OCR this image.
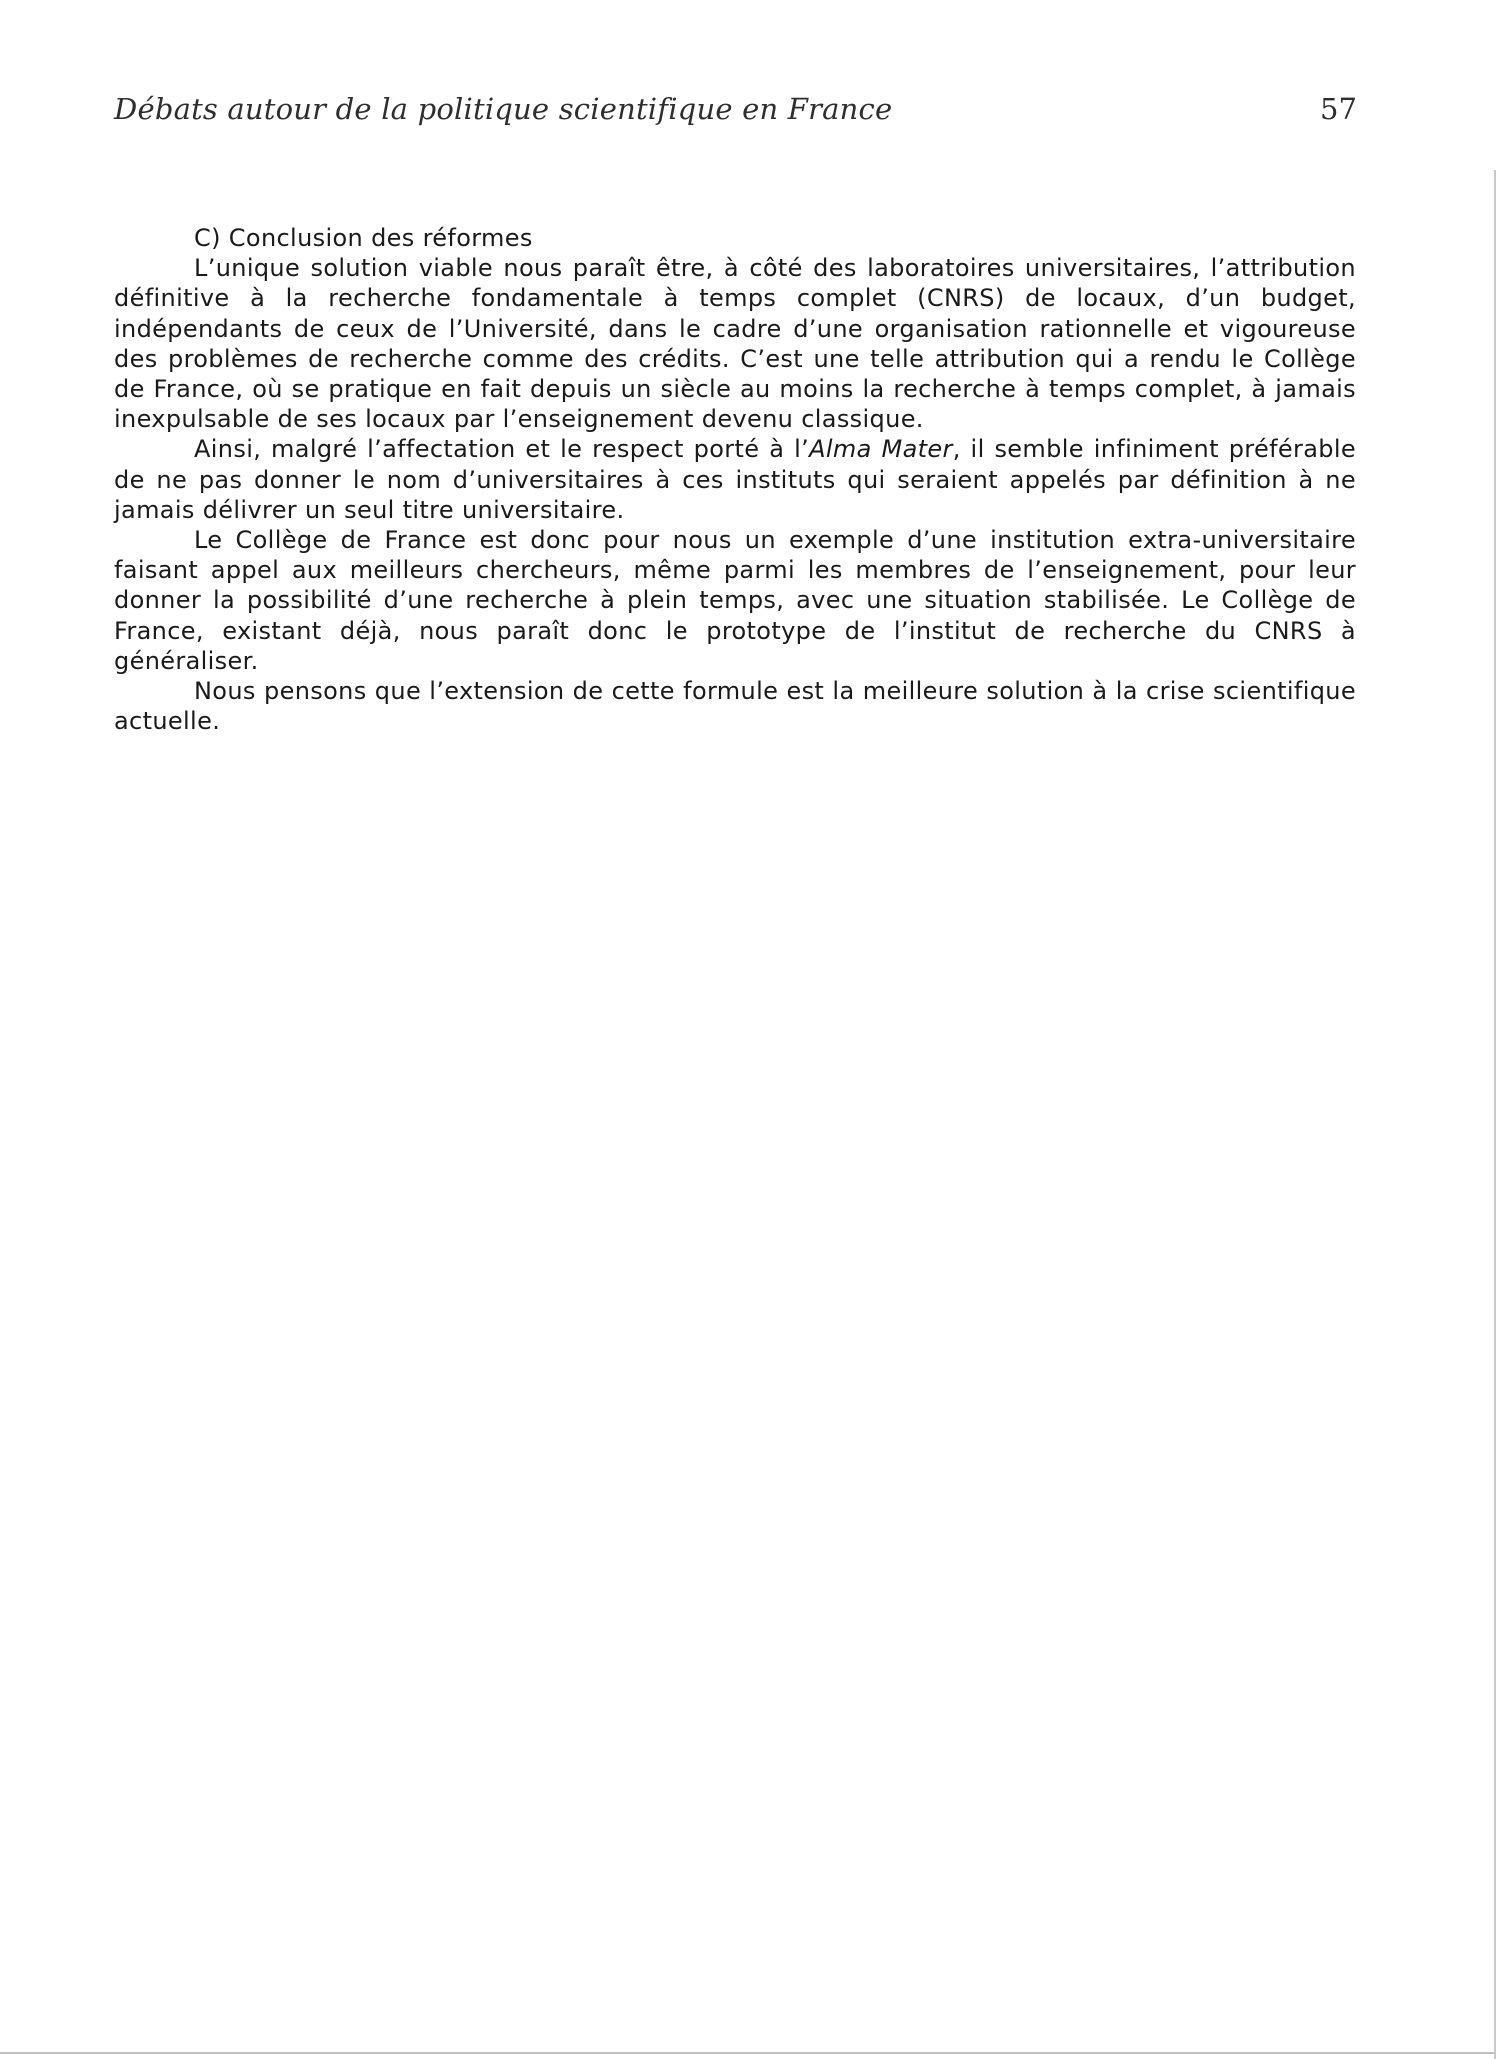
Débats autour de la politique scientifique en France	57

C) Conclusion des réformes

L’unique solution viable nous paraît être, à côté des laboratoires universitaires, l’attribution définitive à la recherche fondamentale à temps complet (CNRS) de locaux, d’un budget, indépendants de ceux de l’Université, dans le cadre d’une organisation rationnelle et vigoureuse des problèmes de recherche comme des crédits. C’est une telle attribution qui a rendu le Collège de France, où se pratique en fait depuis un siècle au moins la recherche à temps complet, à jamais inexpulsable de ses locaux par l’enseignement devenu classique.

Ainsi, malgré l’affectation et le respect porté à l’Alma Mater, il semble infiniment préférable de ne pas donner le nom d’universitaires à ces instituts qui seraient appelés par définition à ne jamais délivrer un seul titre universitaire.

Le Collège de France est donc pour nous un exemple d’une institution extra-universitaire faisant appel aux meilleurs chercheurs, même parmi les membres de l’enseignement, pour leur donner la possibilité d’une recherche à plein temps, avec une situation stabilisée. Le Collège de France, existant déjà, nous paraît donc le prototype de l’institut de recherche du CNRS à généraliser.

Nous pensons que l’extension de cette formule est la meilleure solution à la crise scientifique actuelle.
